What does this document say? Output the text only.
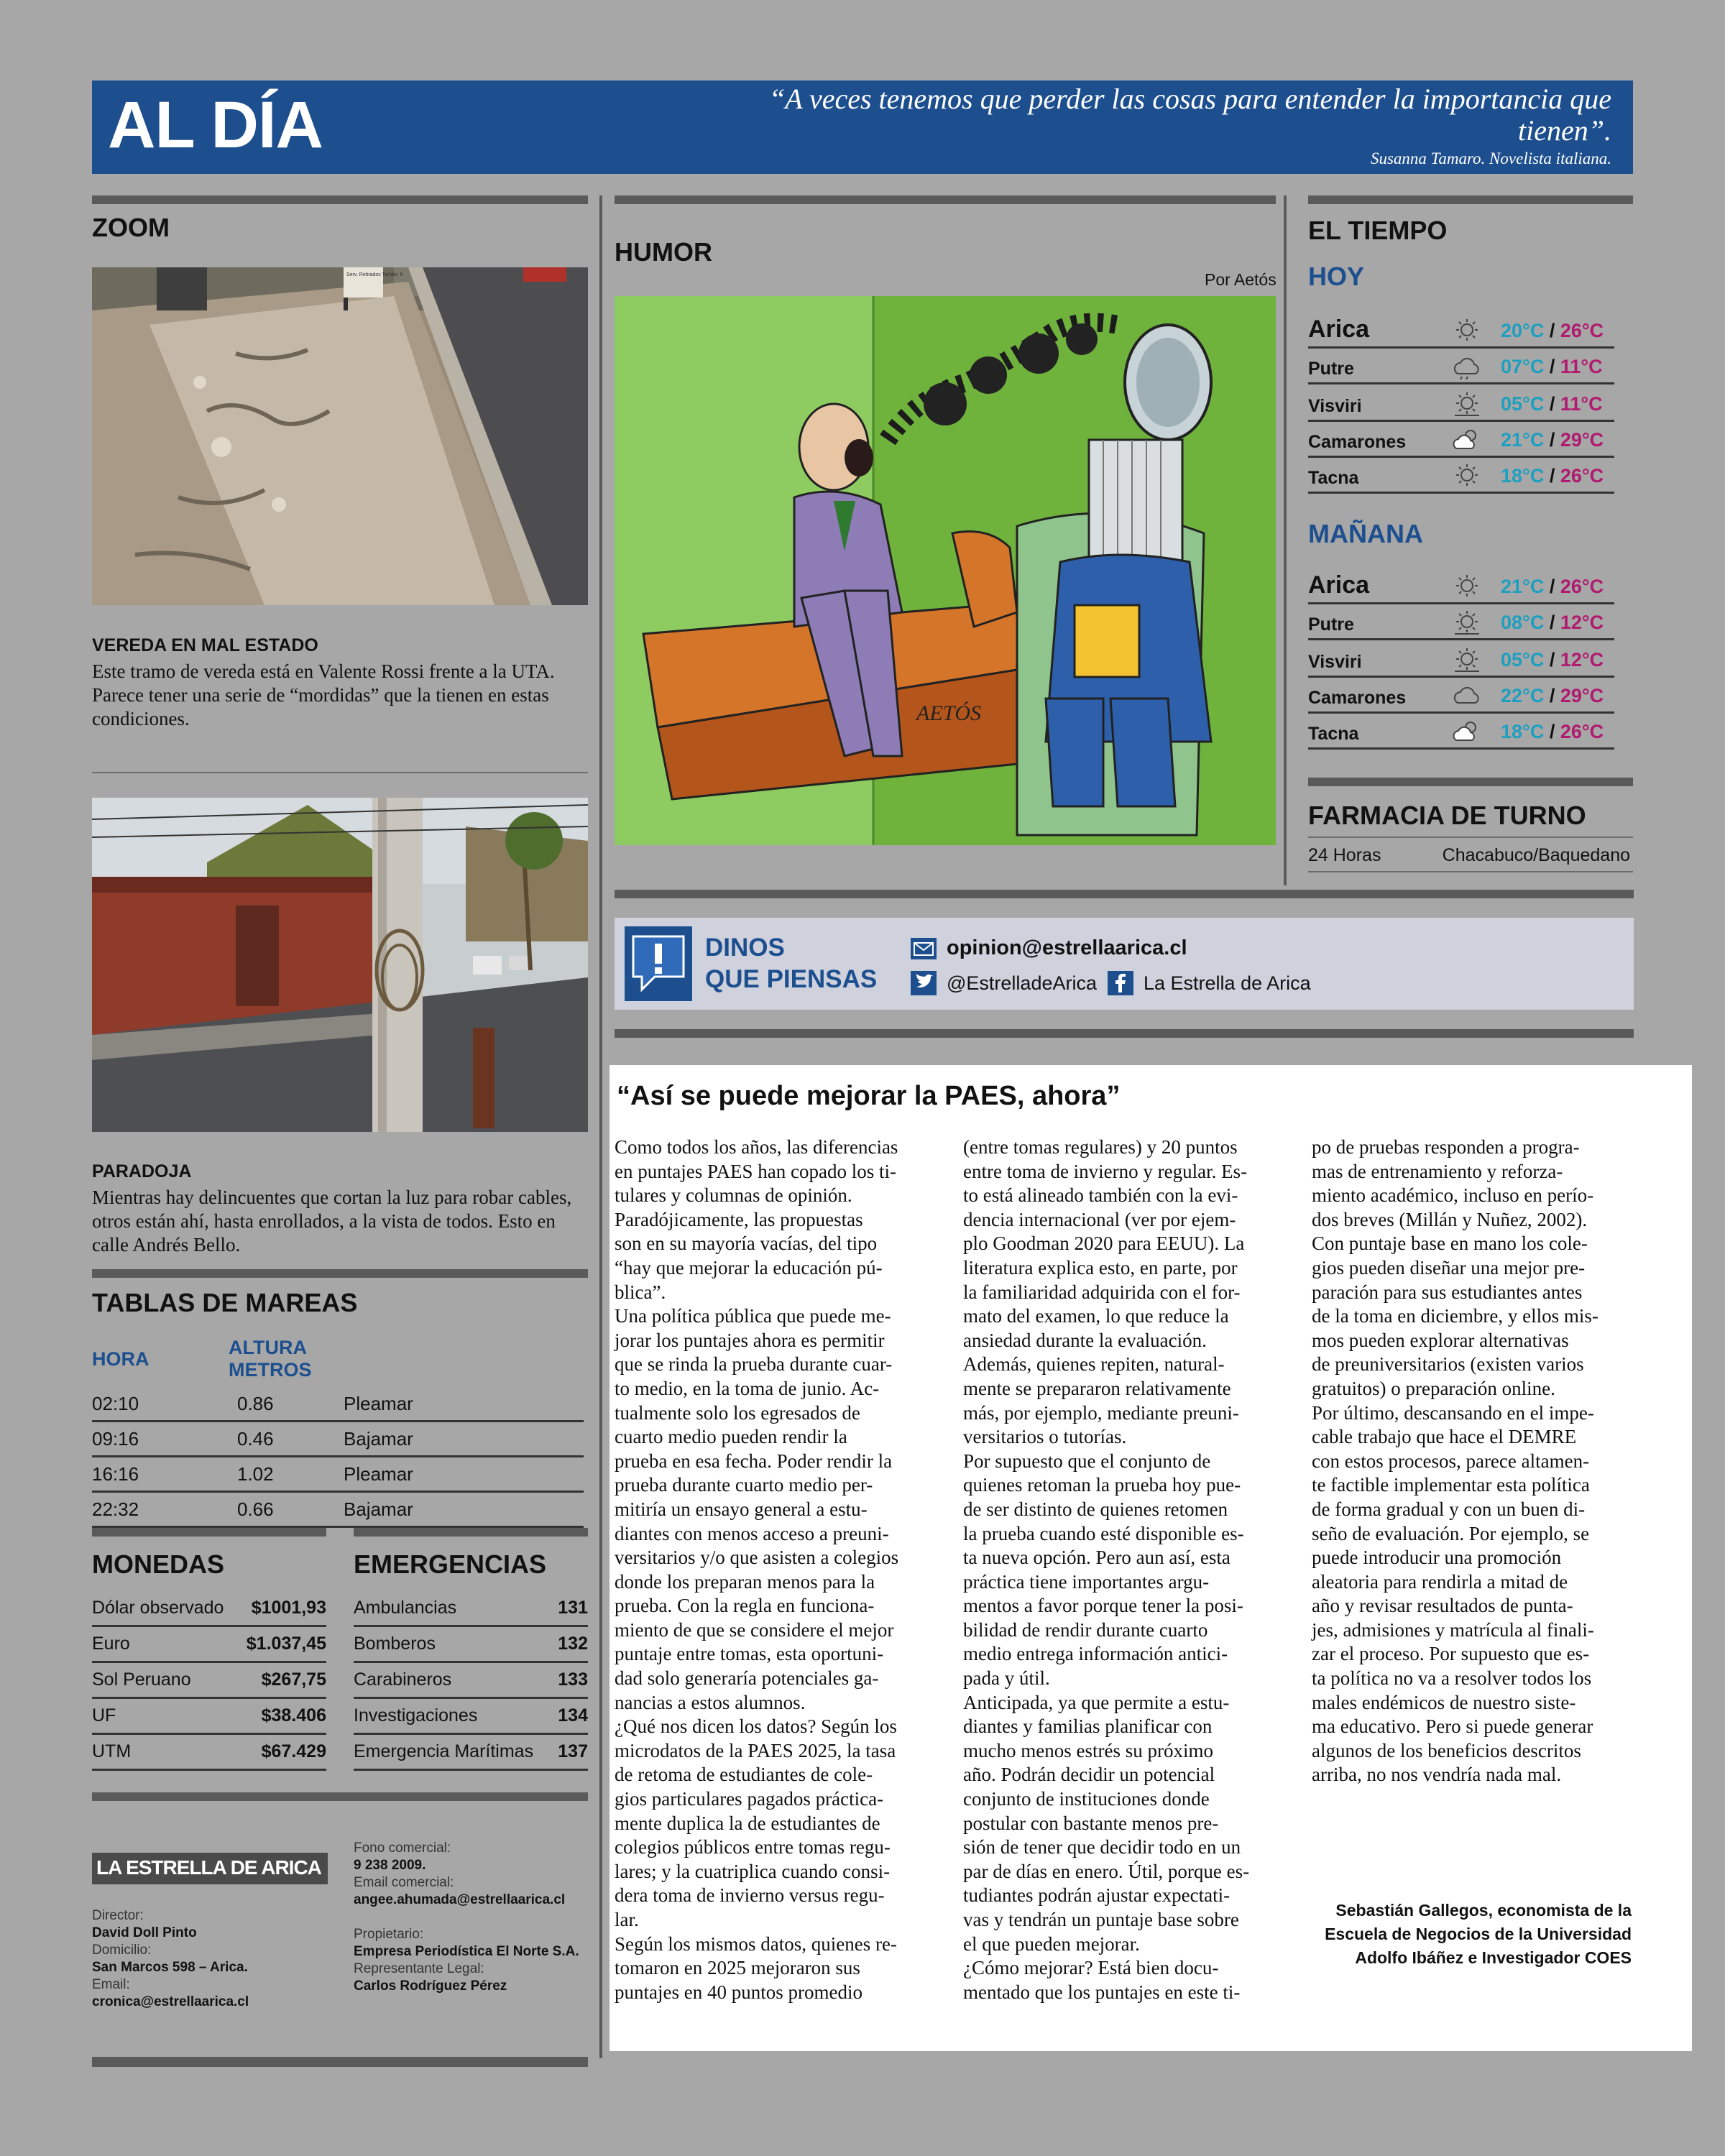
AL DÍA	“A veces tenemos que perder las cosas para entender la importancia que tienen”.
Susanna Tamaro. Novelista italiana.
ZOOM
Serv. Retirados Tambo. It
VEREDA EN MAL ESTADO
Este tramo de vereda está en Valente Rossi frente a la UTA. Parece tener una serie de “mordidas” que la tienen en estas condiciones.
PARADOJA
Mientras hay delincuentes que cortan la luz para robar cables, otros están ahí, hasta enrollados, a la vista de todos. Esto en calle Andrés Bello.
TABLAS DE MAREAS
HORA	ALTURA METROS	
02:10	0.86	Pleamar
09:16	0.46	Bajamar
16:16	1.02	Pleamar
22:32	0.66	Bajamar
MONEDAS
Dólar observado	$1001,93
Euro	$1.037,45
Sol Peruano	$267,75
UF	$38.406
UTM	$67.429
EMERGENCIAS
Ambulancias	131
Bomberos	132
Carabineros	133
Investigaciones	134
Emergencia Marítimas	137
LA ESTRELLA DE ARICA
Director:
David Doll Pinto
Domicilio:
San Marcos 598 – Arica.
Email:
cronica@estrellaarica.cl
Fono comercial:
9 238 2009.
Email comercial:
angee.ahumada@estrellaarica.cl
Propietario:
Empresa Periodística El Norte S.A.
Representante Legal:
Carlos Rodríguez Pérez
HUMOR
Por Aetós
AETÓS
EL TIEMPO
HOY
MAÑANA
Arica	20°C / 26°C
Putre	07°C / 11°C
Visviri	05°C / 11°C
Camarones	21°C / 29°C
Tacna	18°C / 26°C
Arica	21°C / 26°C
Putre	08°C / 12°C
Visviri	05°C / 12°C
Camarones	22°C / 29°C
Tacna	18°C / 26°C
FARMACIA DE TURNO
24 Horas	Chacabuco/Baquedano
DINOS
QUE PIENSAS
opinion@estrellaarica.cl
@EstrelladeArica La Estrella de Arica
“Así se puede mejorar la PAES, ahora”
Como todos los años, las diferencias
en puntajes PAES han copado los ti-
tulares y columnas de opinión.
Paradójicamente, las propuestas
son en su mayoría vacías, del tipo
“hay que mejorar la educación pú-
blica”.
Una política pública que puede me-
jorar los puntajes ahora es permitir
que se rinda la prueba durante cuar-
to medio, en la toma de junio. Ac-
tualmente solo los egresados de
cuarto medio pueden rendir la
prueba en esa fecha. Poder rendir la
prueba durante cuarto medio per-
mitiría un ensayo general a estu-
diantes con menos acceso a preuni-
versitarios y/o que asisten a colegios
donde los preparan menos para la
prueba. Con la regla en funciona-
miento de que se considere el mejor
puntaje entre tomas, esta oportuni-
dad solo generaría potenciales ga-
nancias a estos alumnos.
¿Qué nos dicen los datos? Según los
microdatos de la PAES 2025, la tasa
de retoma de estudiantes de cole-
gios particulares pagados práctica-
mente duplica la de estudiantes de
colegios públicos entre tomas regu-
lares; y la cuatriplica cuando consi-
dera toma de invierno versus regu-
lar.
Según los mismos datos, quienes re-
tomaron en 2025 mejoraron sus
puntajes en 40 puntos promedio
(entre tomas regulares) y 20 puntos
entre toma de invierno y regular. Es-
to está alineado también con la evi-
dencia internacional (ver por ejem-
plo Goodman 2020 para EEUU). La
literatura explica esto, en parte, por
la familiaridad adquirida con el for-
mato del examen, lo que reduce la
ansiedad durante la evaluación.
Además, quienes repiten, natural-
mente se prepararon relativamente
más, por ejemplo, mediante preuni-
versitarios o tutorías.
Por supuesto que el conjunto de
quienes retoman la prueba hoy pue-
de ser distinto de quienes retomen
la prueba cuando esté disponible es-
ta nueva opción. Pero aun así, esta
práctica tiene importantes argu-
mentos a favor porque tener la posi-
bilidad de rendir durante cuarto
medio entrega información antici-
pada y útil.
Anticipada, ya que permite a estu-
diantes y familias planificar con
mucho menos estrés su próximo
año. Podrán decidir un potencial
conjunto de instituciones donde
postular con bastante menos pre-
sión de tener que decidir todo en un
par de días en enero. Útil, porque es-
tudiantes podrán ajustar expectati-
vas y tendrán un puntaje base sobre
el que pueden mejorar.
¿Cómo mejorar? Está bien docu-
mentado que los puntajes en este ti-
po de pruebas responden a progra-
mas de entrenamiento y reforza-
miento académico, incluso en perío-
dos breves (Millán y Nuñez, 2002).
Con puntaje base en mano los cole-
gios pueden diseñar una mejor pre-
paración para sus estudiantes antes
de la toma en diciembre, y ellos mis-
mos pueden explorar alternativas
de preuniversitarios (existen varios
gratuitos) o preparación online.
Por último, descansando en el impe-
cable trabajo que hace el DEMRE
con estos procesos, parece altamen-
te factible implementar esta política
de forma gradual y con un buen di-
seño de evaluación. Por ejemplo, se
puede introducir una promoción
aleatoria para rendirla a mitad de
año y revisar resultados de punta-
jes, admisiones y matrícula al finali-
zar el proceso. Por supuesto que es-
ta política no va a resolver todos los
males endémicos de nuestro siste-
ma educativo. Pero si puede generar
algunos de los beneficios descritos
arriba, no nos vendría nada mal.
Sebastián Gallegos, economista de la
Escuela de Negocios de la Universidad
Adolfo Ibáñez e Investigador COES
